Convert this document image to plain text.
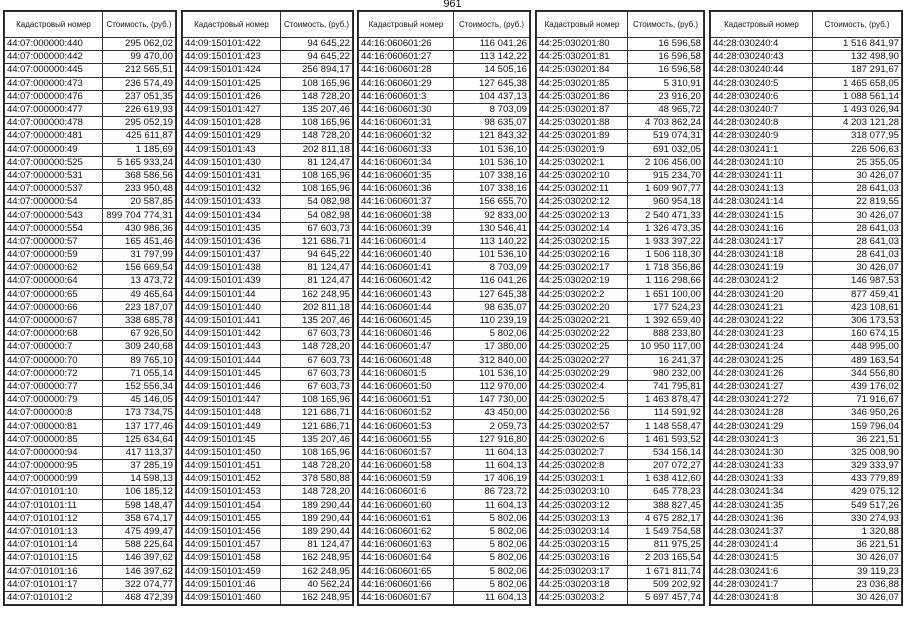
961
Кадастровый номер	Стоимость, (руб.)
44:07:000000:440	295 062,02
44:07:000000:442	99 470,00
44:07:000000:445	212 565,51
44:07:000000:473	236 574,49
44:07:000000:476	237 051,35
44:07:000000:477	226 619,93
44:07:000000:478	295 052,19
44:07:000000:481	425 611,87
44:07:000000:49	1 185,69
44:07:000000:525	5 165 933,24
44:07:000000:531	368 586,56
44:07:000000:537	233 950,48
44:07:000000:54	20 587,85
44:07:000000:543	899 704 774,31
44:07:000000:554	430 986,36
44:07:000000:57	165 451,46
44:07:000000:59	31 797,99
44:07:000000:62	156 669,54
44:07:000000:64	13 473,72
44:07:000000:65	49 465,64
44:07:000000:66	223 187,07
44:07:000000:67	338 685,78
44:07:000000:68	67 926,50
44:07:000000:7	309 240,68
44:07:000000:70	89 765,10
44:07:000000:72	71 055,14
44:07:000000:77	152 556,34
44:07:000000:79	45 146,05
44:07:000000:8	173 734,75
44:07:000000:81	137 177,46
44:07:000000:85	125 634,64
44:07:000000:94	417 113,37
44:07:000000:95	37 285,19
44:07:000000:99	14 598,13
44:07:010101:10	106 185,12
44:07:010101:11	598 148,47
44:07:010101:12	358 674,17
44:07:010101:13	475 499,47
44:07:010101:14	588 225,64
44:07:010101:15	146 397,62
44:07:010101:16	146 397,62
44:07:010101:17	322 074,77
44:07:010101:2	468 472,39
Кадастровый номер	Стоимость, (руб.)
44:09:150101:422	94 645,22
44:09:150101:423	94 645,22
44:09:150101:424	256 894,17
44:09:150101:425	108 165,96
44:09:150101:426	148 728,20
44:09:150101:427	135 207,46
44:09:150101:428	108 165,96
44:09:150101:429	148 728,20
44:09:150101:43	202 811,18
44:09:150101:430	81 124,47
44:09:150101:431	108 165,96
44:09:150101:432	108 165,96
44:09:150101:433	54 082,98
44:09:150101:434	54 082,98
44:09:150101:435	67 603,73
44:09:150101:436	121 686,71
44:09:150101:437	94 645,22
44:09:150101:438	81 124,47
44:09:150101:439	81 124,47
44:09:150101:44	162 248,95
44:09:150101:440	202 811,18
44:09:150101:441	135 207,46
44:09:150101:442	67 603,73
44:09:150101:443	148 728,20
44:09:150101:444	67 603,73
44:09:150101:445	67 603,73
44:09:150101:446	67 603,73
44:09:150101:447	108 165,96
44:09:150101:448	121 686,71
44:09:150101:449	121 686,71
44:09:150101:45	135 207,46
44:09:150101:450	108 165,96
44:09:150101:451	148 728,20
44:09:150101:452	378 580,88
44:09:150101:453	148 728,20
44:09:150101:454	189 290,44
44:09:150101:455	189 290,44
44:09:150101:456	189 290,44
44:09:150101:457	81 124,47
44:09:150101:458	162 248,95
44:09:150101:459	162 248,95
44:09:150101:46	40 562,24
44:09:150101:460	162 248,95
Кадастровый номер	Стоимость, (руб.)
44:16:060601:26	116 041,26
44:16:060601:27	113 142,22
44:16:060601:28	14 505,16
44:16:060601:29	127 645,38
44:16:060601:3	104 437,13
44:16:060601:30	8 703,09
44:16:060601:31	98 635,07
44:16:060601:32	121 843,32
44:16:060601:33	101 536,10
44:16:060601:34	101 536,10
44:16:060601:35	107 338,16
44:16:060601:36	107 338,16
44:16:060601:37	156 655,70
44:16:060601:38	92 833,00
44:16:060601:39	130 546,41
44:16:060601:4	113 140,22
44:16:060601:40	101 536,10
44:16:060601:41	8 703,09
44:16:060601:42	116 041,26
44:16:060601:43	127 645,38
44:16:060601:44	98 635,07
44:16:060601:45	110 239,19
44:16:060601:46	5 802,06
44:16:060601:47	17 380,00
44:16:060601:48	312 840,00
44:16:060601:5	101 536,10
44:16:060601:50	112 970,00
44:16:060601:51	147 730,00
44:16:060601:52	43 450,00
44:16:060601:53	2 059,73
44:16:060601:55	127 916,80
44:16:060601:57	11 604,13
44:16:060601:58	11 604,13
44:16:060601:59	17 406,19
44:16:060601:6	86 723,72
44:16:060601:60	11 604,13
44:16:060601:61	5 802,06
44:16:060601:62	5 802,06
44:16:060601:63	5 802,06
44:16:060601:64	5 802,06
44:16:060601:65	5 802,06
44:16:060601:66	5 802,06
44:16:060601:67	11 604,13
Кадастровый номер	Стоимость, (руб.)
44:25:030201:80	16 596,58
44:25:030201:81	16 596,58
44:25:030201:84	16 596,58
44:25:030201:85	5 310,91
44:25:030201:86	23 916,20
44:25:030201:87	48 965,72
44:25:030201:88	4 703 862,24
44:25:030201:89	519 074,31
44:25:030201:9	691 032,05
44:25:030202:1	2 106 456,00
44:25:030202:10	915 234,70
44:25:030202:11	1 609 907,77
44:25:030202:12	960 954,18
44:25:030202:13	2 540 471,33
44:25:030202:14	1 326 473,35
44:25:030202:15	1 933 397,22
44:25:030202:16	1 506 118,30
44:25:030202:17	1 718 356,86
44:25:030202:19	1 116 298,66
44:25:030202:2	1 651 100,00
44:25:030202:20	177 524,23
44:25:030202:21	1 392 659,40
44:25:030202:22	888 233,80
44:25:030202:25	10 950 117,00
44:25:030202:27	16 241,37
44:25:030202:29	980 232,00
44:25:030202:4	741 795,81
44:25:030202:5	1 463 878,47
44:25:030202:56	114 591,92
44:25:030202:57	1 148 558,47
44:25:030202:6	1 461 593,52
44:25:030202:7	534 156,14
44:25:030202:8	207 072,27
44:25:030203:1	1 638 412,60
44:25:030203:10	645 778,23
44:25:030203:12	388 827,45
44:25:030203:13	4 675 282,17
44:25:030203:14	1 549 754,58
44:25:030203:15	811 975,25
44:25:030203:16	2 203 165,54
44:25:030203:17	1 671 811,74
44:25:030203:18	509 202,92
44:25:030203:2	5 697 457,74
Кадастровый номер	Стоимость, (руб.)
44:28:030240:4	1 516 841,97
44:28:030240:43	132 498,90
44:28:030240:44	187 291,67
44:28:030240:5	1 465 658,05
44:28:030240:6	1 088 561,14
44:28:030240:7	1 493 026,94
44:28:030240:8	4 203 121,28
44:28:030240:9	318 077,95
44:28:030241:1	226 506,63
44:28:030241:10	25 355,05
44:28:030241:11	30 426,07
44:28:030241:13	28 641,03
44:28:030241:14	22 819,55
44:28:030241:15	30 426,07
44:28:030241:16	28 641,03
44:28:030241:17	28 641,03
44:28:030241:18	28 641,03
44:28:030241:19	30 426,07
44:28:030241:2	146 987,53
44:28:030241:20	877 459,41
44:28:030241:21	423 108,61
44:28:030241:22	306 173,53
44:28:030241:23	160 674,15
44:28:030241:24	448 995,00
44:28:030241:25	489 163,54
44:28:030241:26	344 556,80
44:28:030241:27	439 176,02
44:28:030241:272	71 916,67
44:28:030241:28	346 950,26
44:28:030241:29	159 796,04
44:28:030241:3	36 221,51
44:28:030241:30	325 008,90
44:28:030241:33	329 333,97
44:28:030241:33	433 779,89
44:28:030241:34	429 075,12
44:28:030241:35	549 517,26
44:28:030241:36	330 274,93
44:28:030241:37	1 320,88
44:28:030241:4	36 221,51
44:28:030241:5	30 426,07
44:28:030241:6	39 119,23
44:28:030241:7	23 036,88
44:28:030241:8	30 426,07
